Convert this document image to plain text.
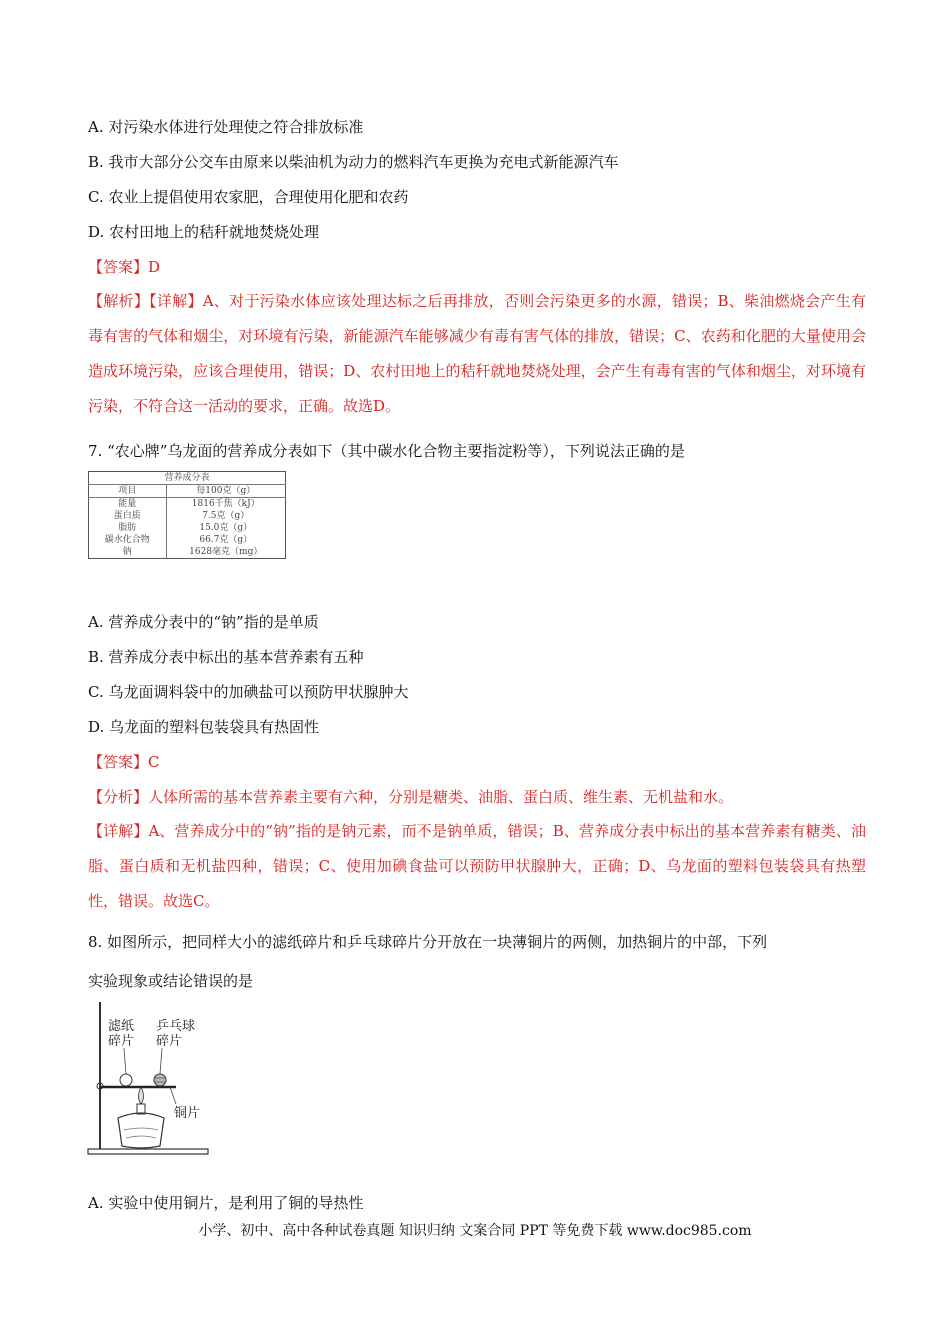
A. 对污染水体进行处理使之符合排放标准
B. 我市大部分公交车由原来以柴油机为动力的燃料汽车更换为充电式新能源汽车
C. 农业上提倡使用农家肥，合理使用化肥和农药
D. 农村田地上的秸秆就地焚烧处理
【答案】D
【解析】【详解】A、对于污染水体应该处理达标之后再排放，否则会污染更多的水源，错误；B、柴油燃烧会产生有毒有害的气体和烟尘，对环境有污染，新能源汽车能够减少有毒有害气体的排放，错误；C、农药和化肥的大量使用会造成环境污染，应该合理使用，错误；D、农村田地上的秸秆就地焚烧处理，会产生有毒有害的气体和烟尘，对环境有污染，不符合这一活动的要求，正确。故选D。
7. “农心牌”乌龙面的营养成分表如下（其中碳水化合物主要指淀粉等），下列说法正确的是
营养成分表	
项目	每100克（g）
能量	1816千焦（kJ）
蛋白质	7.5克（g）
脂肪	15.0克（g）
碳水化合物	66.7克（g）
钠	1628毫克（mg）
A. 营养成分表中的“钠”指的是单质
B. 营养成分表中标出的基本营养素有五种
C. 乌龙面调料袋中的加碘盐可以预防甲状腺肿大
D. 乌龙面的塑料包装袋具有热固性
【答案】C
【分析】人体所需的基本营养素主要有六种，分别是糖类、油脂、蛋白质、维生素、无机盐和水。
【详解】A、营养成分中的“钠”指的是钠元素，而不是钠单质，错误；B、营养成分表中标出的基本营养素有糖类、油脂、蛋白质和无机盐四种，错误；C、使用加碘食盐可以预防甲状腺肿大，正确；D、乌龙面的塑料包装袋具有热塑性，错误。故选C。
8. 如图所示，把同样大小的滤纸碎片和乒乓球碎片分开放在一块薄铜片的两侧，加热铜片的中部，下列
实验现象或结论错误的是
滤纸
碎片
乒乓球
碎片
铜片
A. 实验中使用铜片，是利用了铜的导热性
小学、初中、高中各种试卷真题 知识归纳 文案合同 PPT 等免费下载 www.doc985.com
